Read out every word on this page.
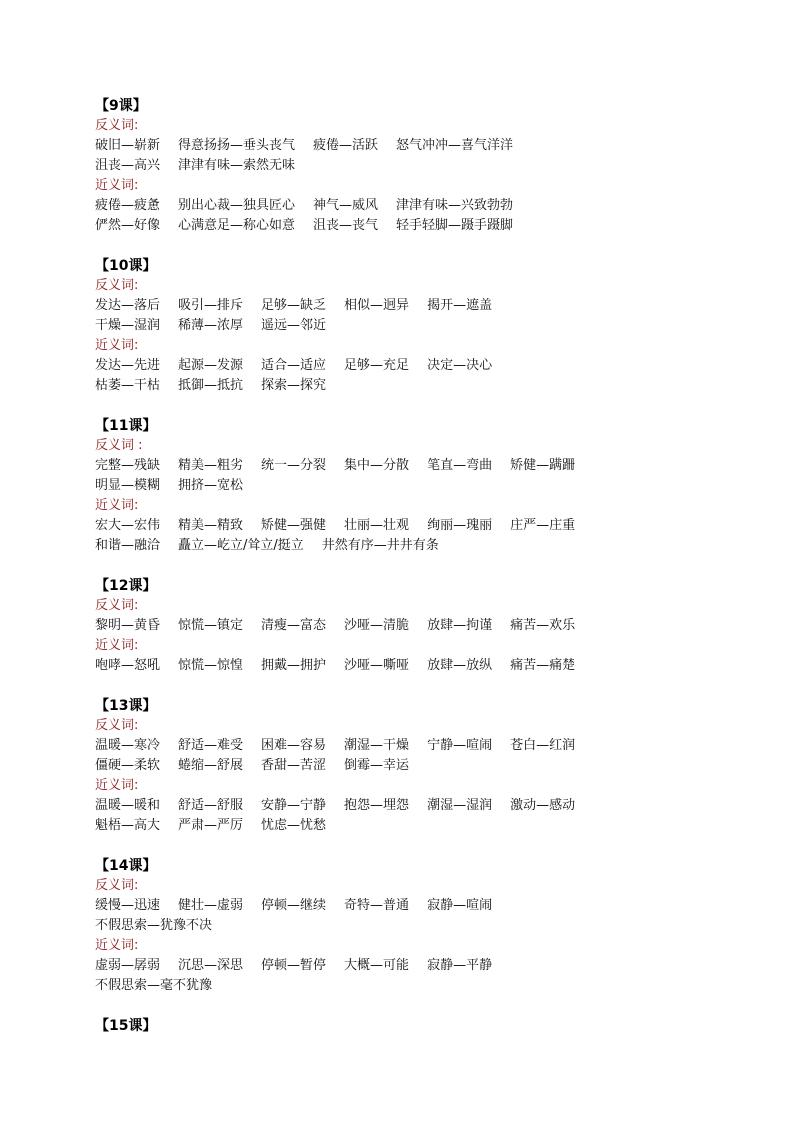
【9课】
反义词:
破旧—崭新 得意扬扬—垂头丧气 疲倦—活跃 怒气冲冲—喜气洋洋
沮丧—高兴 津津有味—索然无味
近义词:
疲倦—疲惫 别出心裁—独具匠心 神气—威风 津津有味—兴致勃勃
俨然—好像 心满意足—称心如意 沮丧—丧气 轻手轻脚—蹑手蹑脚
【10课】
反义词:
发达—落后 吸引—排斥 足够—缺乏 相似—迥异 揭开—遮盖
干燥—湿润 稀薄—浓厚 遥远—邻近
近义词:
发达—先进 起源—发源 适合—适应 足够—充足 决定—决心
枯萎—干枯 抵御—抵抗 探索—探究
【11课】
反义词 :
完整—残缺 精美—粗劣 统一—分裂 集中—分散 笔直—弯曲 矫健—蹒跚
明显—模糊 拥挤—宽松
近义词:
宏大—宏伟 精美—精致 矫健—强健 壮丽—壮观 绚丽—瑰丽 庄严—庄重
和谐—融洽 矗立—屹立/耸立/挺立 井然有序—井井有条
【12课】
反义词:
黎明—黄昏 惊慌—镇定 清瘦—富态 沙哑—清脆 放肆—拘谨 痛苦—欢乐
近义词:
咆哮—怒吼 惊慌—惊惶 拥戴—拥护 沙哑—嘶哑 放肆—放纵 痛苦—痛楚
【13课】
反义词:
温暖—寒冷 舒适—难受 困难—容易 潮湿—干燥 宁静—喧闹 苍白—红润
僵硬—柔软 蜷缩—舒展 香甜—苦涩 倒霉—幸运
近义词:
温暖—暖和 舒适—舒服 安静—宁静 抱怨—埋怨 潮湿—湿润 激动—感动
魁梧—高大 严肃—严厉 忧虑—忧愁
【14课】
反义词:
缓慢—迅速 健壮—虚弱 停顿—继续 奇特—普通 寂静—喧闹
不假思索—犹豫不决
近义词:
虚弱—孱弱 沉思—深思 停顿—暂停 大概—可能 寂静—平静
不假思索—毫不犹豫
【15课】
